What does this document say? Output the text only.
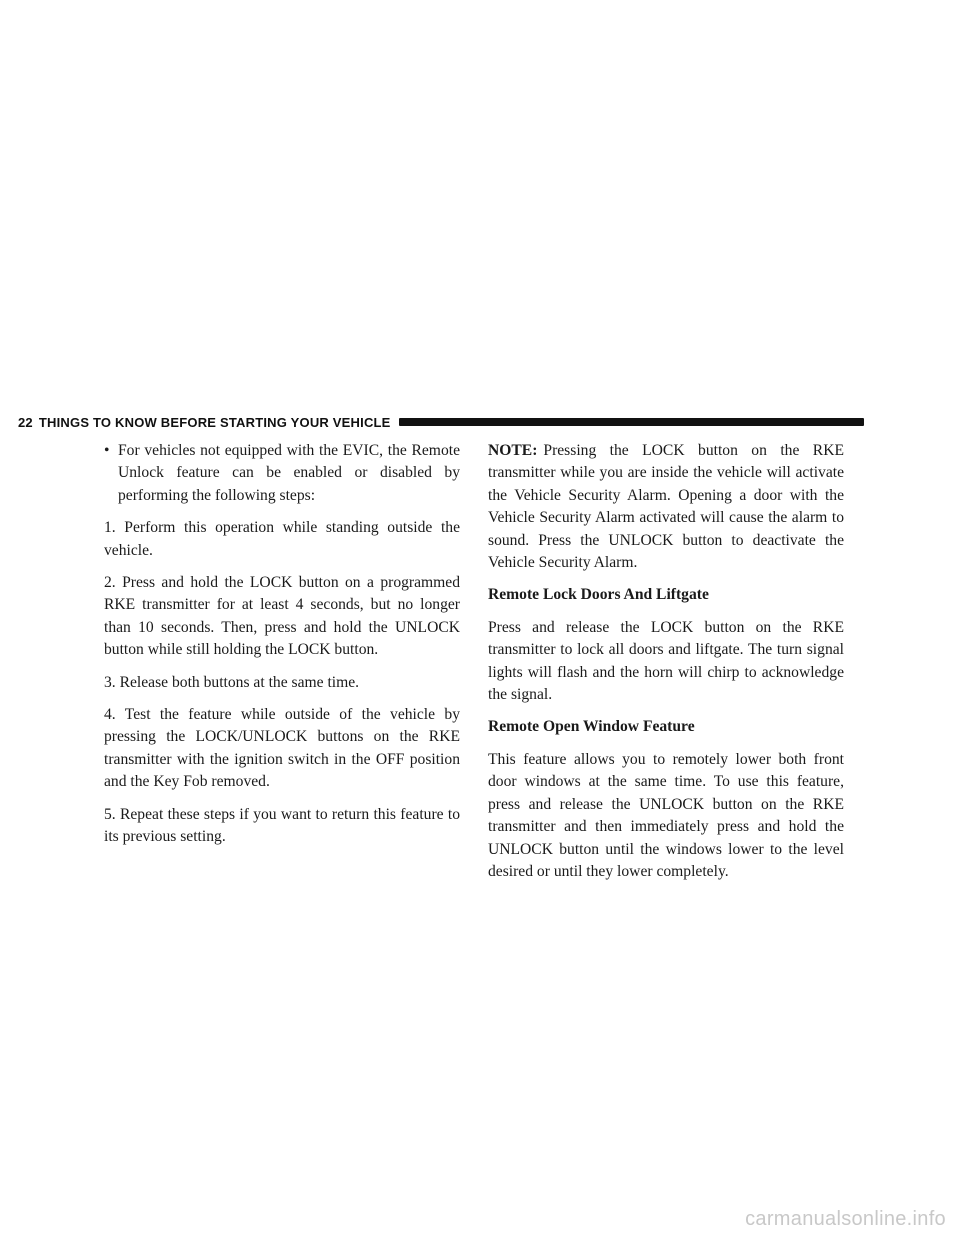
22 THINGS TO KNOW BEFORE STARTING YOUR VEHICLE
• For vehicles not equipped with the EVIC, the Remote Unlock feature can be enabled or disabled by performing the following steps:

1. Perform this operation while standing outside the vehicle.

2. Press and hold the LOCK button on a programmed RKE transmitter for at least 4 seconds, but no longer than 10 seconds. Then, press and hold the UNLOCK button while still holding the LOCK button.

3. Release both buttons at the same time.

4. Test the feature while outside of the vehicle by pressing the LOCK/UNLOCK buttons on the RKE transmitter with the ignition switch in the OFF position and the Key Fob removed.

5. Repeat these steps if you want to return this feature to its previous setting.

NOTE: Pressing the LOCK button on the RKE transmitter while you are inside the vehicle will activate the Vehicle Security Alarm. Opening a door with the Vehicle Security Alarm activated will cause the alarm to sound. Press the UNLOCK button to deactivate the Vehicle Security Alarm.

Remote Lock Doors And Liftgate

Press and release the LOCK button on the RKE transmitter to lock all doors and liftgate. The turn signal lights will flash and the horn will chirp to acknowledge the signal.

Remote Open Window Feature

This feature allows you to remotely lower both front door windows at the same time. To use this feature, press and release the UNLOCK button on the RKE transmitter and then immediately press and hold the UNLOCK button until the windows lower to the level desired or until they lower completely.

carmanualsonline.info
